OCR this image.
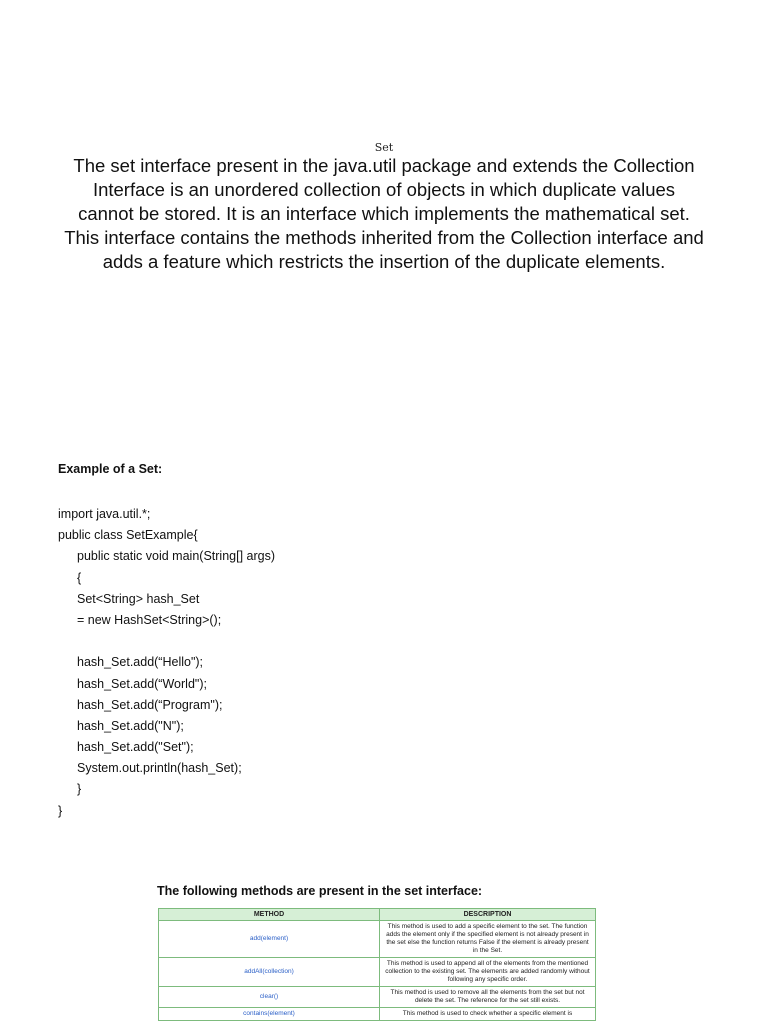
Set
The set interface present in the java.util package and extends the Collection Interface is an unordered collection of objects in which duplicate values cannot be stored. It is an interface which implements the mathematical set. This interface contains the methods inherited from the Collection interface and adds a feature which restricts the insertion of the duplicate elements.
Example of a Set:
import java.util.*;
public class SetExample{
public static void main(String[] args)
{
Set<String> hash_Set
= new HashSet<String>();
hash_Set.add(“Hello");
hash_Set.add(“World");
hash_Set.add(“Program");
hash_Set.add("N");
hash_Set.add("Set");
System.out.println(hash_Set);
}
}
The following methods are present in the set interface:
METHOD	DESCRIPTION
add(element)	This method is used to add a specific element to the set. The function adds the element only if the specified element is not already present in the set else the function returns False if the element is already present in the Set.
addAll(collection)	This method is used to append all of the elements from the mentioned collection to the existing set. The elements are added randomly without following any specific order.
clear()	This method is used to remove all the elements from the set but not delete the set. The reference for the set still exists.
contains(element)	This method is used to check whether a specific element is
